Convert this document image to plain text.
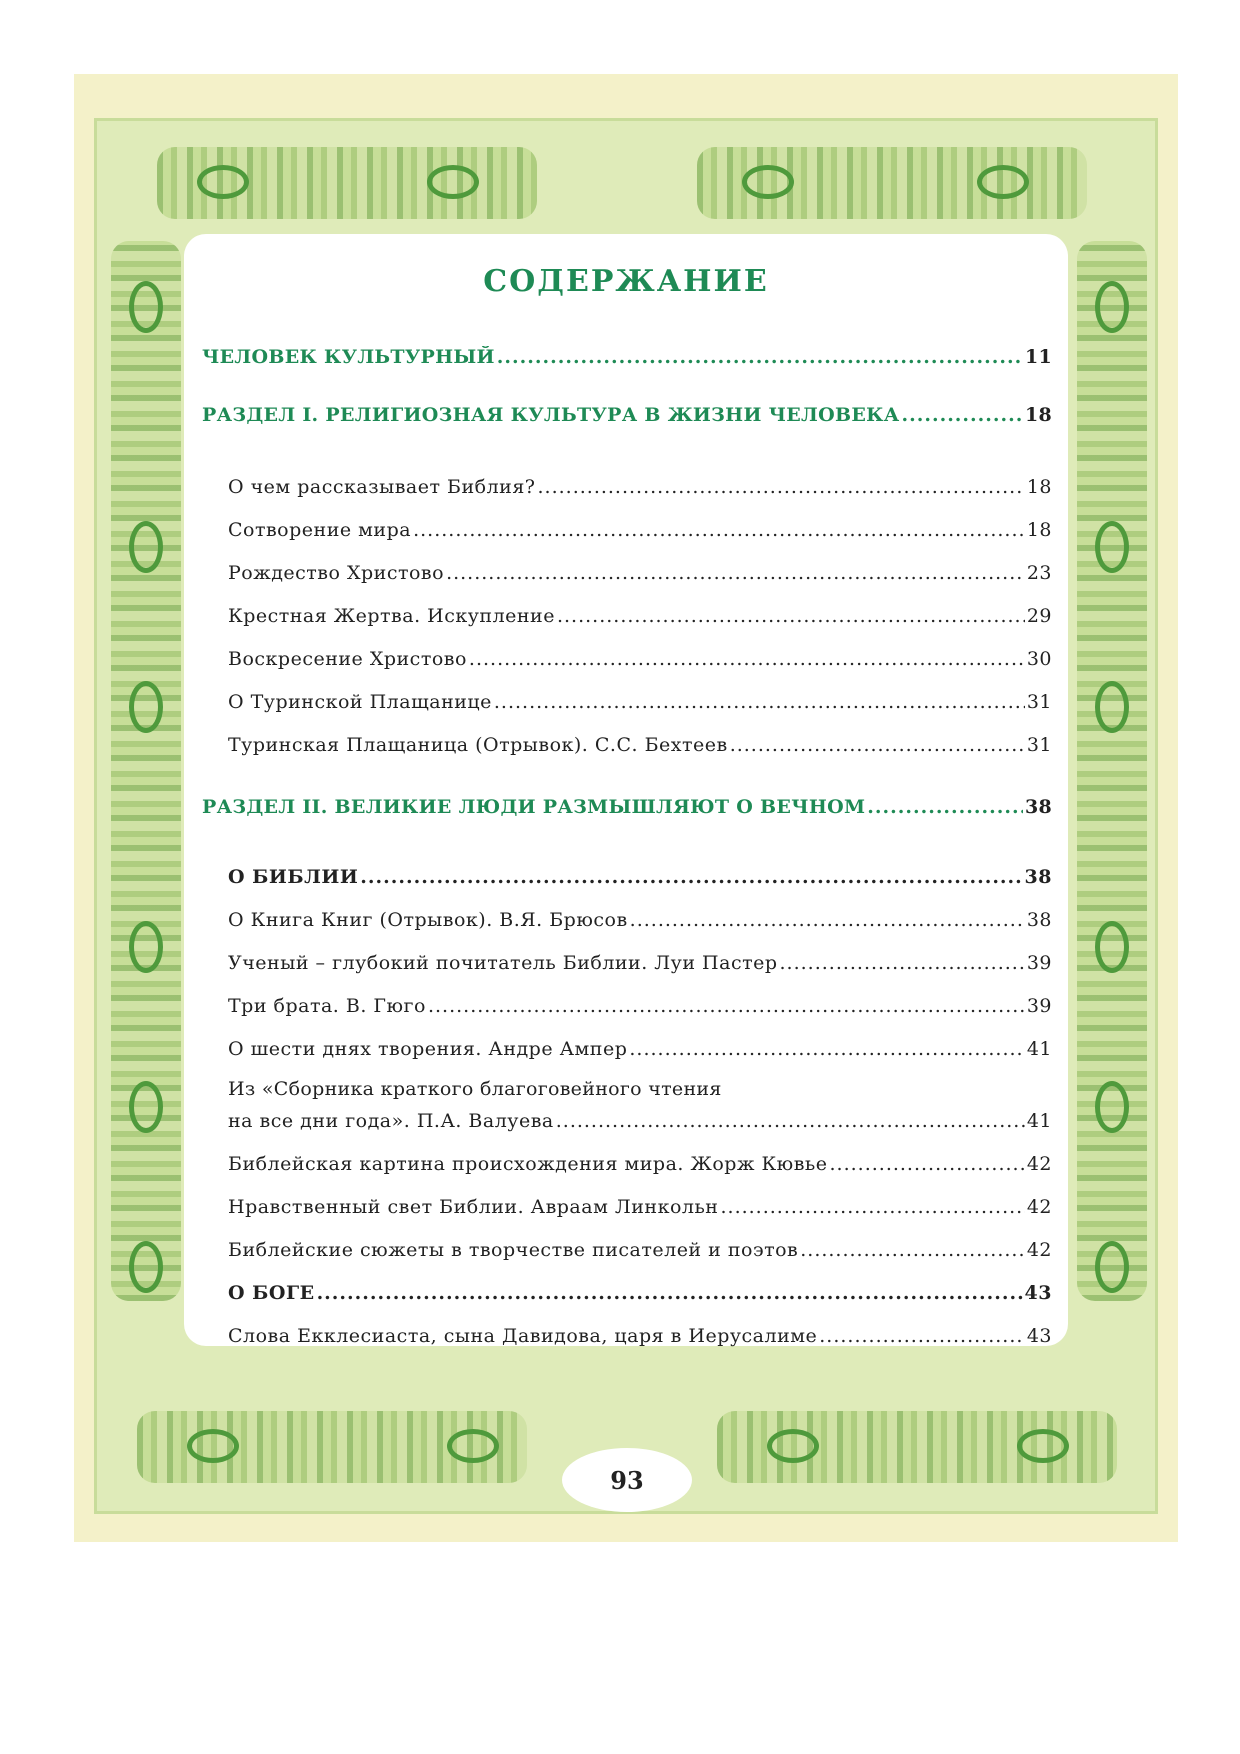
СОДЕРЖАНИЕ
ЧЕЛОВЕК КУЛЬТУРНЫЙ .....	11
РАЗДЕЛ I. РЕЛИГИОЗНАЯ КУЛЬТУРА В ЖИЗНИ ЧЕЛОВЕКА .....	18
О чем рассказывает Библия? .....	18
Сотворение мира .....	18
Рождество Христово .....	23
Крестная Жертва. Искупление .....	29
Воскресение Христово .....	30
О Туринской Плащанице .....	31
Туринская Плащаница (Отрывок). С.С. Бехтеев .....	31
РАЗДЕЛ II. ВЕЛИКИЕ ЛЮДИ РАЗМЫШЛЯЮТ О ВЕЧНОМ .....	38
О БИБЛИИ .....	38
О Книга Книг (Отрывок). В.Я. Брюсов .....	38
Ученый – глубокий почитатель Библии. Луи Пастер .....	39
Три брата. В. Гюго .....	39
О шести днях творения. Андре Ампер .....	41
Из «Сборника краткого благоговейного чтения
на все дни года». П.А. Валуева .....	41
Библейская картина происхождения мира. Жорж Кювье .....	42
Нравственный свет Библии. Авраам Линкольн .....	42
Библейские сюжеты в творчестве писателей и поэтов .....	42
О БОГЕ .....	43
Слова Екклесиаста, сына Давидова, царя в Иерусалиме .....	43
93
